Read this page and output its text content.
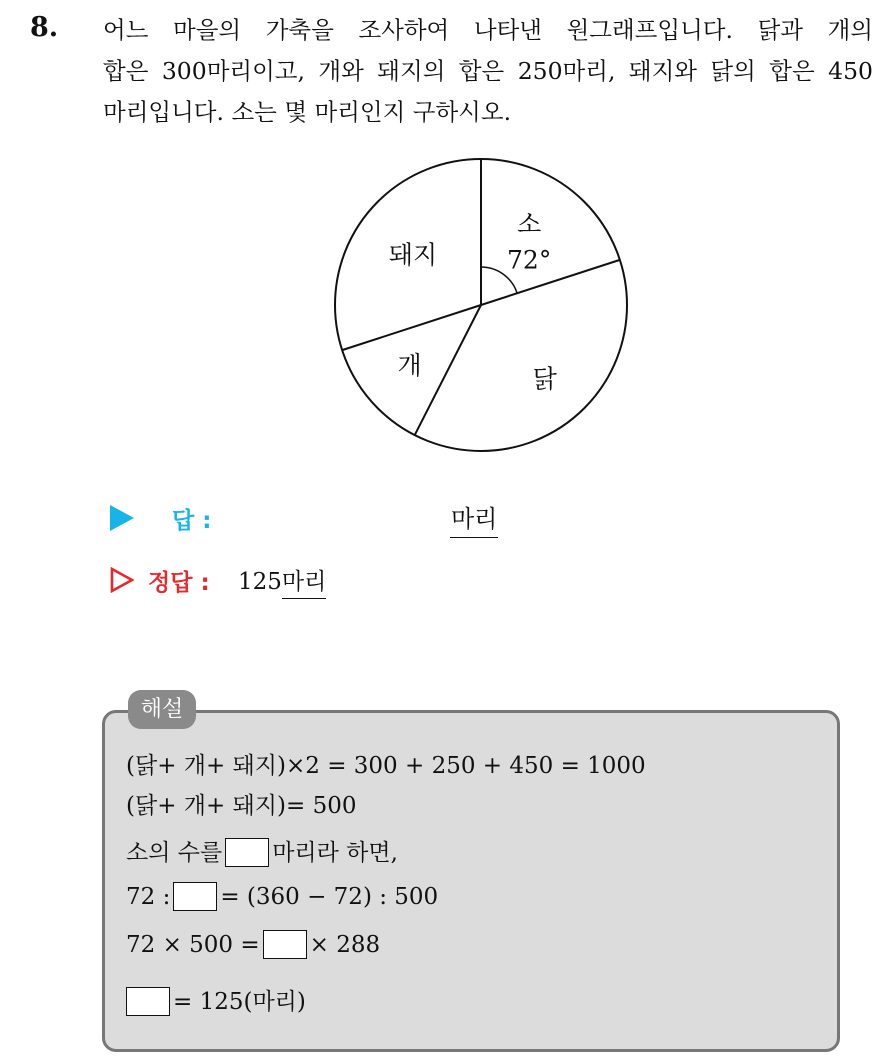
8. 어느 마을의 가축을 조사하여 나타낸 원그래프입니다. 닭과 개의
합은 300마리이고, 개와 돼지의 합은 250마리, 돼지와 닭의 합은 450
마리입니다. 소는 몇 마리인지 구하시오.
소
72°
닭
개
돼지
답 :	마리
정답 : 125마리
해설
(닭+ 개+ 돼지)×2 = 300 + 250 + 450 = 1000
(닭+ 개+ 돼지)= 500
소의 수를 마리라 하면,
72 : = (360 − 72) : 500
72 × 500 = × 288
= 125(마리)
